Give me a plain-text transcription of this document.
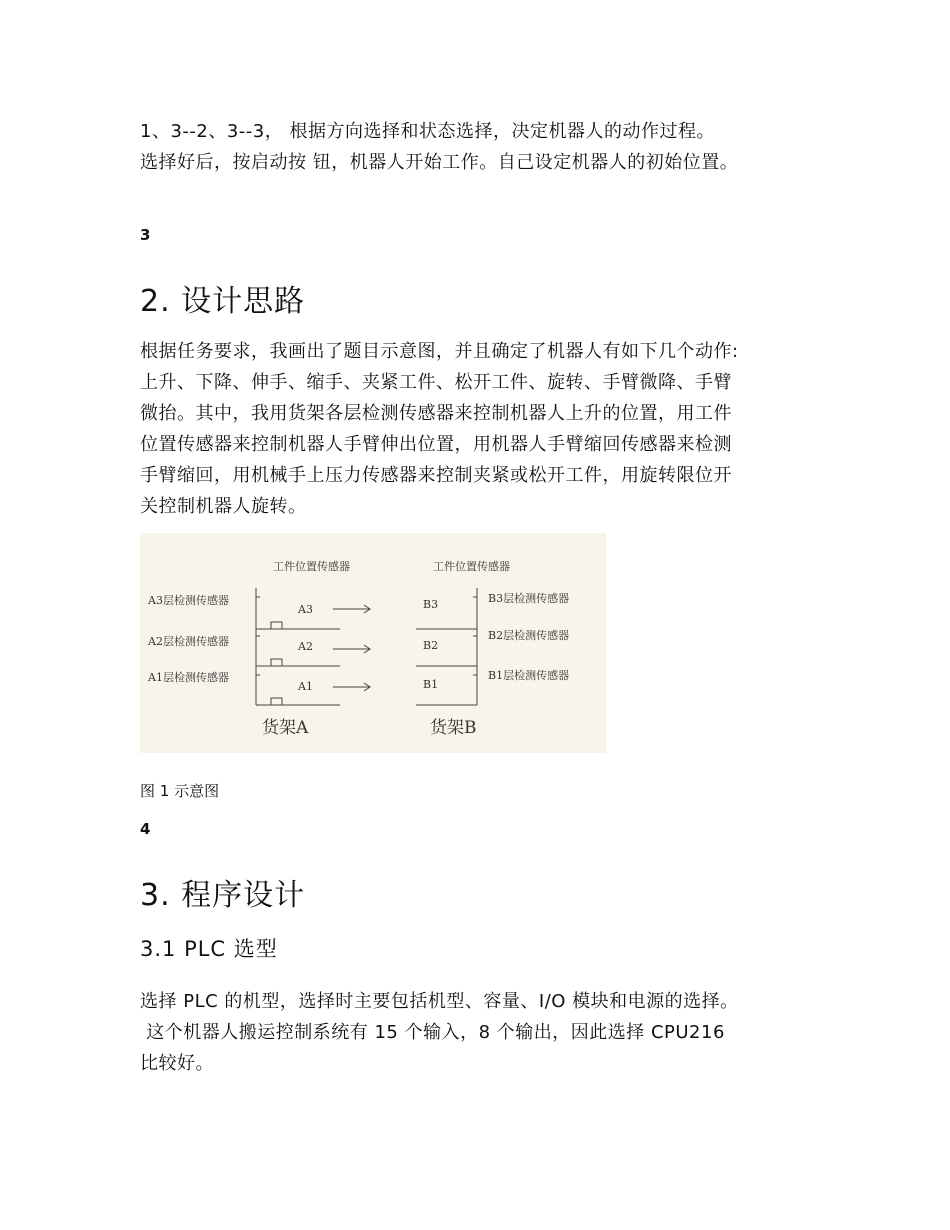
1、3--2、3--3， 根据方向选择和状态选择，决定机器人的动作过程。
选择好后，按启动按 钮，机器人开始工作。自己设定机器人的初始位置。

3

2. 设计思路
根据任务要求，我画出了题目示意图，并且确定了机器人有如下几个动作:
上升、下降、伸手、缩手、夹紧工件、松开工件、旋转、手臂微降、手臂
微抬。其中，我用货架各层检测传感器来控制机器人上升的位置，用工件
位置传感器来控制机器人手臂伸出位置，用机器人手臂缩回传感器来检测
手臂缩回，用机械手上压力传感器来控制夹紧或松开工件，用旋转限位开
关控制机器人旋转。
工件位置传感器	工件位置传感器
A3层检测传感器
A2层检测传感器
A1层检测传感器
A3
A2
A1
B3
B2
B1
B3层检测传感器
B2层检测传感器
B1层检测传感器
货架A	货架B

图 1 示意图

4

3. 程序设计
3.1 PLC 选型
选择 PLC 的机型，选择时主要包括机型、容量、I/O 模块和电源的选择。
这个机器人搬运控制系统有 15 个输入，8 个输出，因此选择 CPU216
比较好。
